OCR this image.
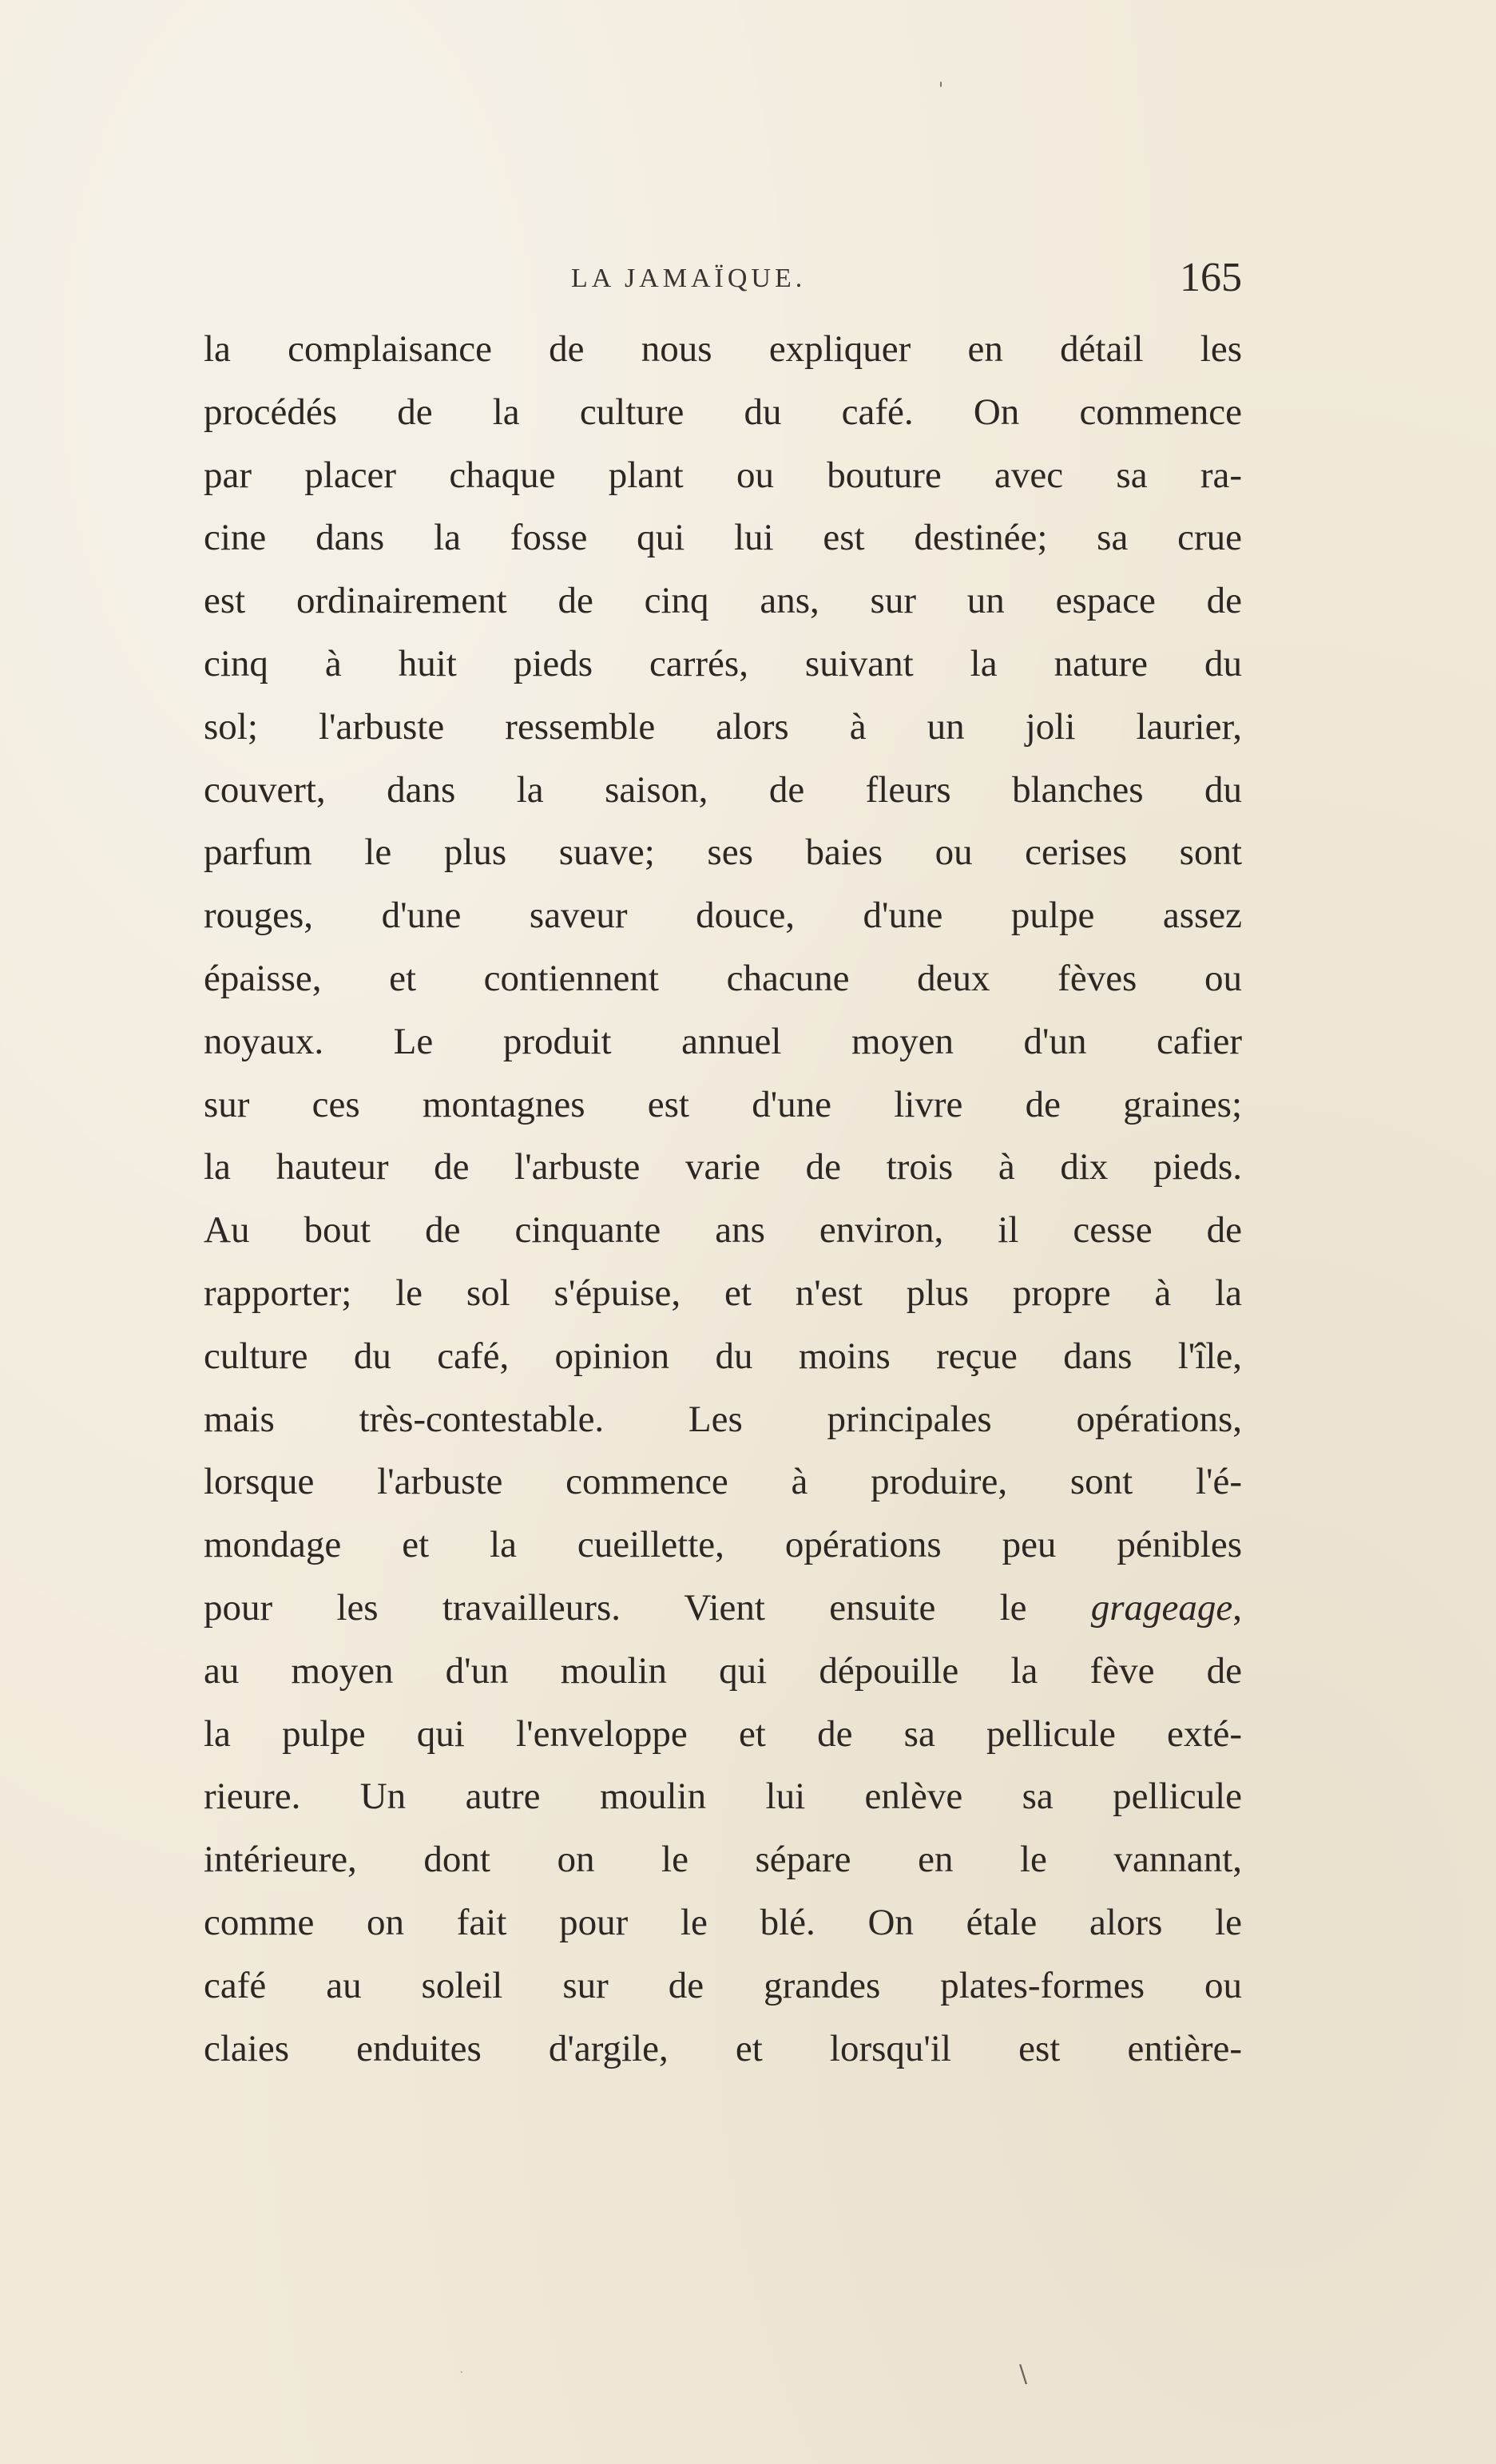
'
LA JAMAÏQUE.	165
la complaisance de nous expliquer en détail les
procédés de la culture du café. On commence
par placer chaque plant ou bouture avec sa ra-
cine dans la fosse qui lui est destinée; sa crue
est ordinairement de cinq ans, sur un espace de
cinq à huit pieds carrés, suivant la nature du
sol; l'arbuste ressemble alors à un joli laurier,
couvert, dans la saison, de fleurs blanches du
parfum le plus suave; ses baies ou cerises sont
rouges, d'une saveur douce, d'une pulpe assez
épaisse, et contiennent chacune deux fèves ou
noyaux. Le produit annuel moyen d'un cafier
sur ces montagnes est d'une livre de graines;
la hauteur de l'arbuste varie de trois à dix pieds.
Au bout de cinquante ans environ, il cesse de
rapporter; le sol s'épuise, et n'est plus propre à la
culture du café, opinion du moins reçue dans l'île,
mais très-contestable. Les principales opérations,
lorsque l'arbuste commence à produire, sont l'é-
mondage et la cueillette, opérations peu pénibles
pour les travailleurs. Vient ensuite le grageage,
au moyen d'un moulin qui dépouille la fève de
la pulpe qui l'enveloppe et de sa pellicule exté-
rieure. Un autre moulin lui enlève sa pellicule
intérieure, dont on le sépare en le vannant,
comme on fait pour le blé. On étale alors le
café au soleil sur de grandes plates-formes ou
claies enduites d'argile, et lorsqu'il est entière-
·	\
